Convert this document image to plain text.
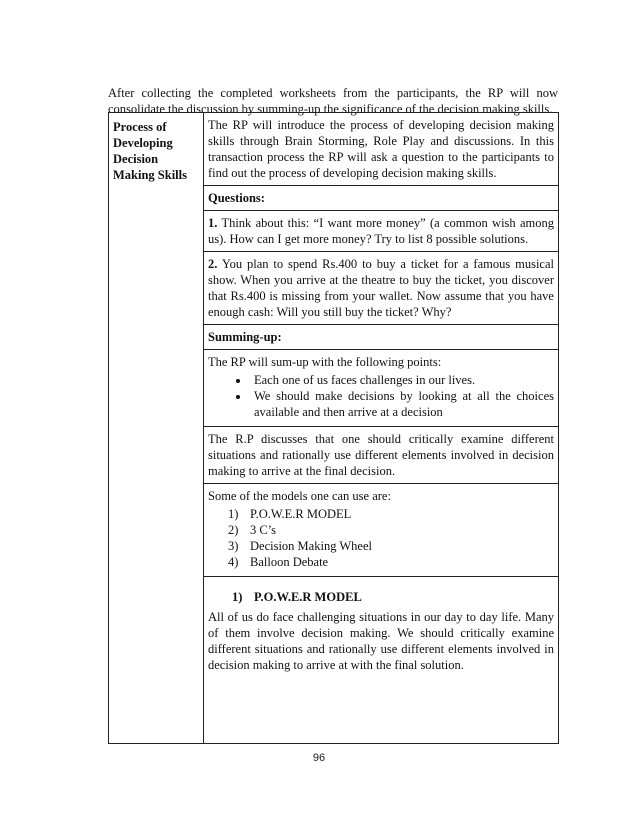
After collecting the completed worksheets from the participants, the RP will now consolidate the discussion by summing-up the significance of the decision making skills.

Process of
Developing
Decision
Making Skills
The RP will introduce the process of developing decision making skills through Brain Storming, Role Play and discussions. In this transaction process the RP will ask a question to the participants to find out the process of developing decision making skills.
Questions:
1. Think about this: “I want more money” (a common wish among us). How can I get more money? Try to list 8 possible solutions.
2. You plan to spend Rs.400 to buy a ticket for a famous musical show. When you arrive at the theatre to buy the ticket, you discover that Rs.400 is missing from your wallet. Now assume that you have enough cash: Will you still buy the ticket? Why?
Summing-up:
The RP will sum-up with the following points:
• Each one of us faces challenges in our lives.
• We should make decisions by looking at all the choices available and then arrive at a decision
The R.P discusses that one should critically examine different situations and rationally use different elements involved in decision making to arrive at the final decision.
Some of the models one can use are:
1) P.O.W.E.R MODEL
2) 3 C’s
3) Decision Making Wheel
4) Balloon Debate
1) P.O.W.E.R MODEL
All of us do face challenging situations in our day to day life. Many of them involve decision making. We should critically examine different situations and rationally use different elements involved in decision making to arrive at with the final solution.
96
